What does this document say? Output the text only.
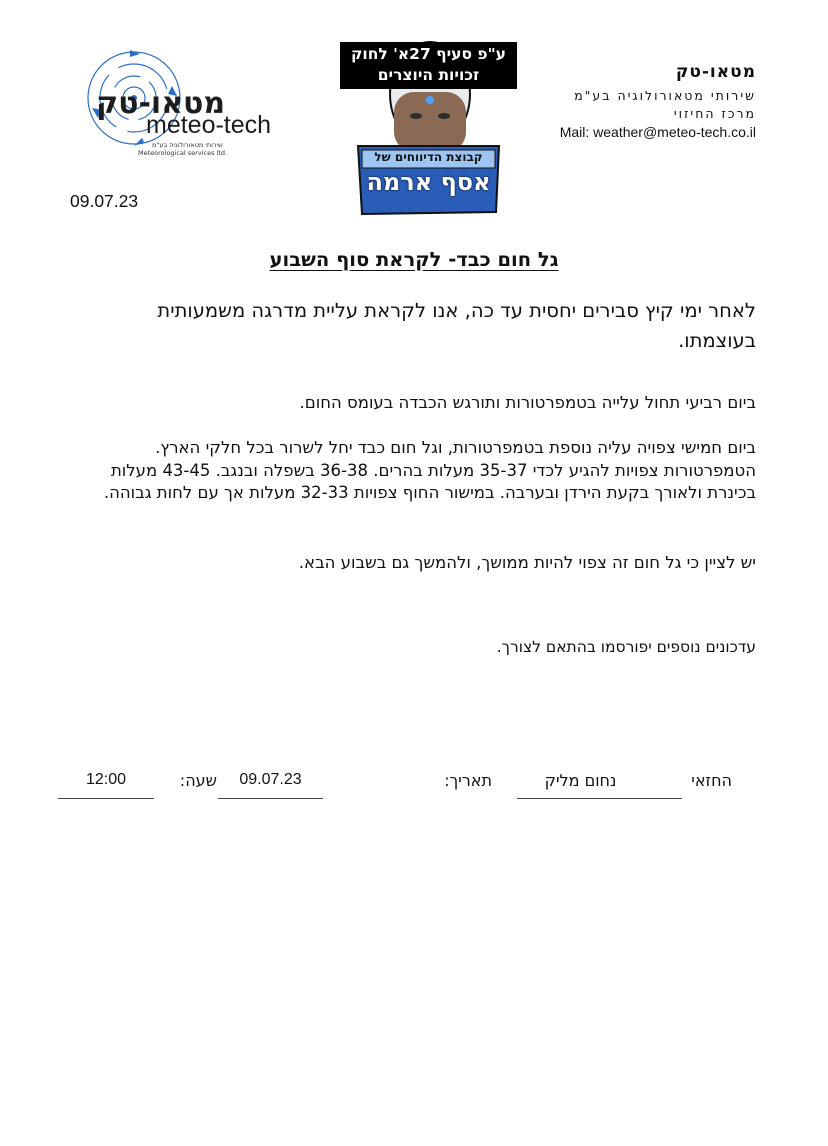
מטאו-טק
meteo-tech
שירותי מטאורולוגיה בע"מ
Meteorological services ltd.
ע"פ סעיף 27א' לחוק
זכויות היוצרים
קבוצת הדיווחים של
אסף ארמה
מטאו-טק
שירותי מטאורולוגיה בע"מ
מרכז החיזוי
Mail: weather@meteo-tech.co.il
09.07.23
גל חום כבד- לקראת סוף השבוע
לאחר ימי קיץ סבירים יחסית עד כה, אנו לקראת עליית מדרגה משמעותית בעוצמתו.
ביום רביעי תחול עלייה בטמפרטורות ותורגש הכבדה בעומס החום.
ביום חמישי צפויה עליה נוספת בטמפרטורות, וגל חום כבד יחל לשרור בכל חלקי הארץ. הטמפרטורות צפויות להגיע לכדי 35-37 מעלות בהרים. 36-38 בשפלה ובנגב. 43-45 מעלות בכינרת ולאורך בקעת הירדן ובערבה. במישור החוף צפויות 32-33 מעלות אך עם לחות גבוהה.
יש לציין כי גל חום זה צפוי להיות ממושך, ולהמשך גם בשבוע הבא.
עדכונים נוספים יפורסמו בהתאם לצורך.
החזאי
נחום מליק
תאריך:
09.07.23
שעה:
12:00
